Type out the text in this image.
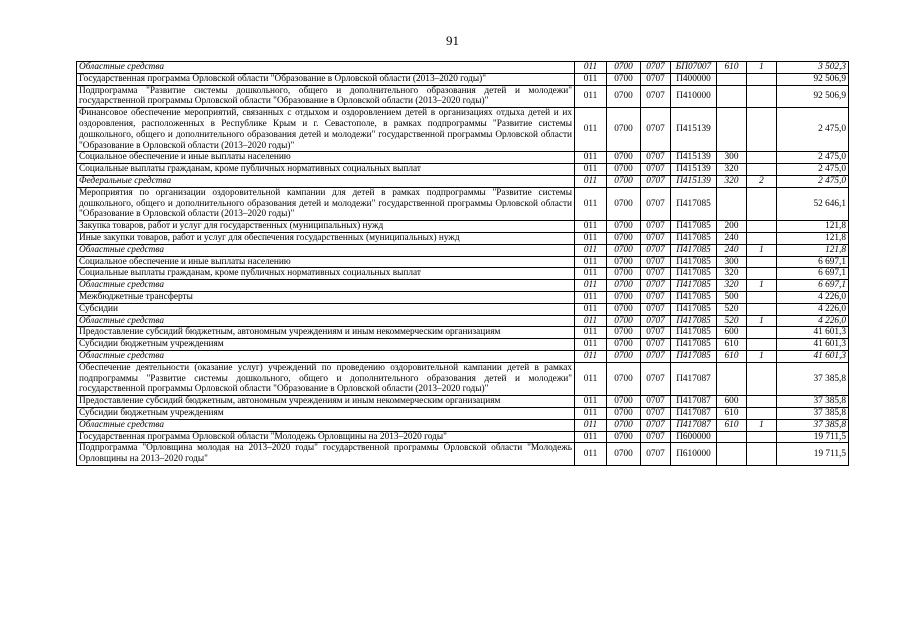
91
Областные средства	011	0700	0707	БП07007	610	1	3 502,3
Государственная программа Орловской области "Образование в Орловской области (2013–2020 годы)"	011	0700	0707	П400000			92 506,9
Подпрограмма "Развитие системы дошкольного, общего и дополнительного образования детей и молодежи" государственной программы Орловской области "Образование в Орловской области (2013–2020 годы)"	011	0700	0707	П410000			92 506,9
Финансовое обеспечение мероприятий, связанных с отдыхом и оздоровлением детей в организациях отдыха детей и их оздоровления, расположенных в Республике Крым и г. Севастополе, в рамках подпрограммы "Развитие системы дошкольного, общего и дополнительного образования детей и молодежи" государственной программы Орловской области "Образование в Орловской области (2013–2020 годы)"	011	0700	0707	П415139			2 475,0
Социальное обеспечение и иные выплаты населению	011	0700	0707	П415139	300		2 475,0
Социальные выплаты гражданам, кроме публичных нормативных социальных выплат	011	0700	0707	П415139	320		2 475,0
Федеральные средства	011	0700	0707	П415139	320	2	2 475,0
Мероприятия по организации оздоровительной кампании для детей в рамках подпрограммы "Развитие системы дошкольного, общего и дополнительного образования детей и молодежи" государственной программы Орловской области "Образование в Орловской области (2013–2020 годы)"	011	0700	0707	П417085			52 646,1
Закупка товаров, работ и услуг для государственных (муниципальных) нужд	011	0700	0707	П417085	200		121,8
Иные закупки товаров, работ и услуг для обеспечения государственных (муниципальных) нужд	011	0700	0707	П417085	240		121,8
Областные средства	011	0700	0707	П417085	240	1	121,8
Социальное обеспечение и иные выплаты населению	011	0700	0707	П417085	300		6 697,1
Социальные выплаты гражданам, кроме публичных нормативных социальных выплат	011	0700	0707	П417085	320		6 697,1
Областные средства	011	0700	0707	П417085	320	1	6 697,1
Межбюджетные трансферты	011	0700	0707	П417085	500		4 226,0
Субсидии	011	0700	0707	П417085	520		4 226,0
Областные средства	011	0700	0707	П417085	520	1	4 226,0
Предоставление субсидий бюджетным, автономным учреждениям и иным некоммерческим организациям	011	0700	0707	П417085	600		41 601,3
Субсидии бюджетным учреждениям	011	0700	0707	П417085	610		41 601,3
Областные средства	011	0700	0707	П417085	610	1	41 601,3
Обеспечение деятельности (оказание услуг) учреждений по проведению оздоровительной кампании детей в рамках подпрограммы "Развитие системы дошкольного, общего и дополнительного образования детей и молодежи" государственной программы Орловской области "Образование в Орловской области (2013–2020 годы)"	011	0700	0707	П417087			37 385,8
Предоставление субсидий бюджетным, автономным учреждениям и иным некоммерческим организациям	011	0700	0707	П417087	600		37 385,8
Субсидии бюджетным учреждениям	011	0700	0707	П417087	610		37 385,8
Областные средства	011	0700	0707	П417087	610	1	37 385,8
Государственная программа Орловской области "Молодежь Орловщины на 2013–2020 годы"	011	0700	0707	П600000			19 711,5
Подпрограмма "Орловщина молодая на 2013–2020 годы" государственной программы Орловской области "Молодежь Орловщины на 2013–2020 годы"	011	0700	0707	П610000			19 711,5
